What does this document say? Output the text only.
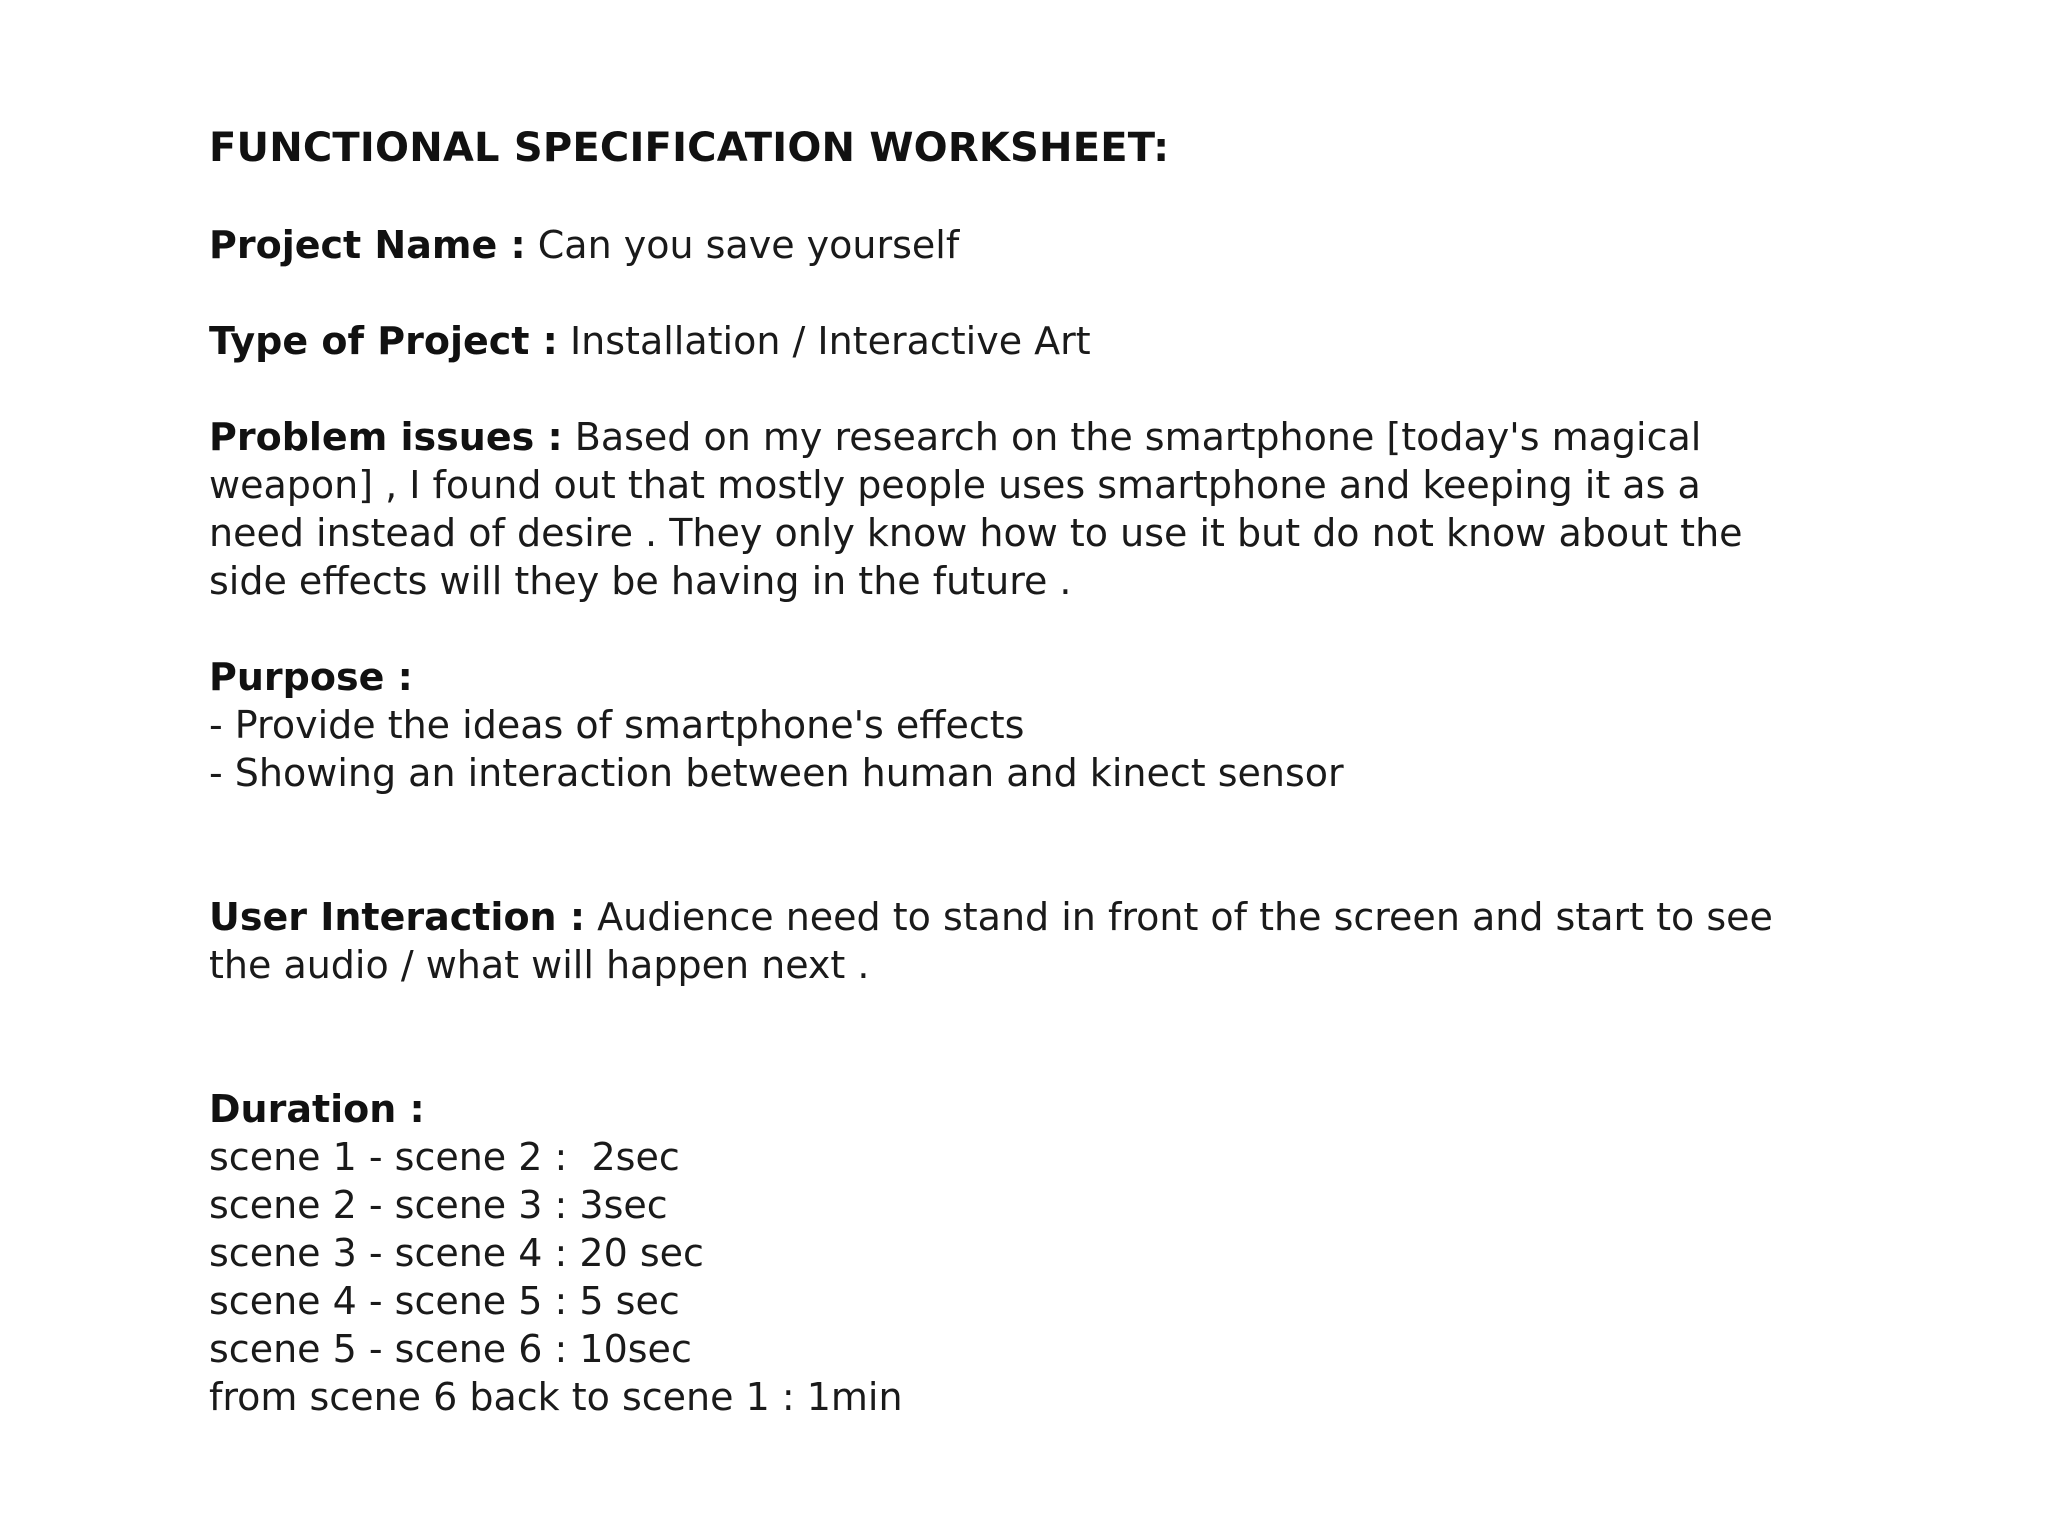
FUNCTIONAL SPECIFICATION WORKSHEET:

Project Name : Can you save yourself

Type of Project : Installation / Interactive Art

Problem issues : Based on my research on the smartphone [today's magical

weapon] , I found out that mostly people uses smartphone and keeping it as a

need instead of desire . They only know how to use it but do not know about the

side effects will they be having in the future .

Purpose :

- Provide the ideas of smartphone's effects
- Showing an interaction between human and kinect sensor

User Interaction : Audience need to stand in front of the screen and start to see

the audio / what will happen next .

Duration :

scene 1 - scene 2 :  2sec
scene 2 - scene 3 : 3sec
scene 3 - scene 4 : 20 sec
scene 4 - scene 5 : 5 sec
scene 5 - scene 6 : 10sec
from scene 6 back to scene 1 : 1min
